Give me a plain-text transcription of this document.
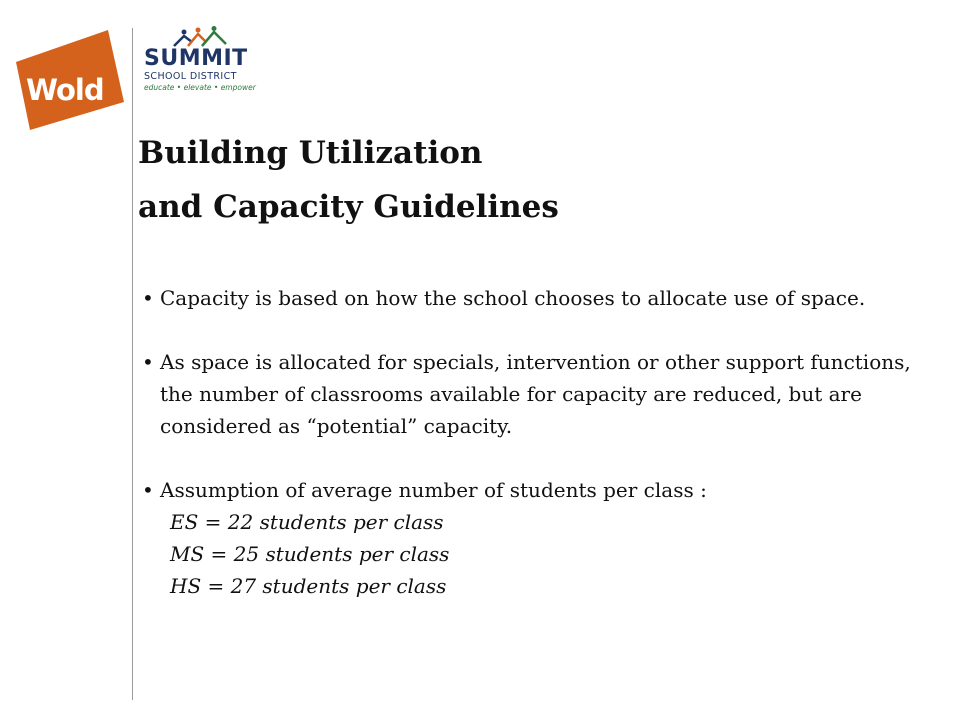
Wold
SUMMIT
SCHOOL DISTRICT
educate • elevate • empower
Building Utilization
and Capacity Guidelines
• Capacity is based on how the school chooses to allocate use of space.
• As space is allocated for specials, intervention or other support functions, the number of classrooms available for capacity are reduced, but are considered as “potential” capacity.
• Assumption of average number of students per class :
ES = 22 students per class
MS = 25 students per class
HS = 27 students per class
